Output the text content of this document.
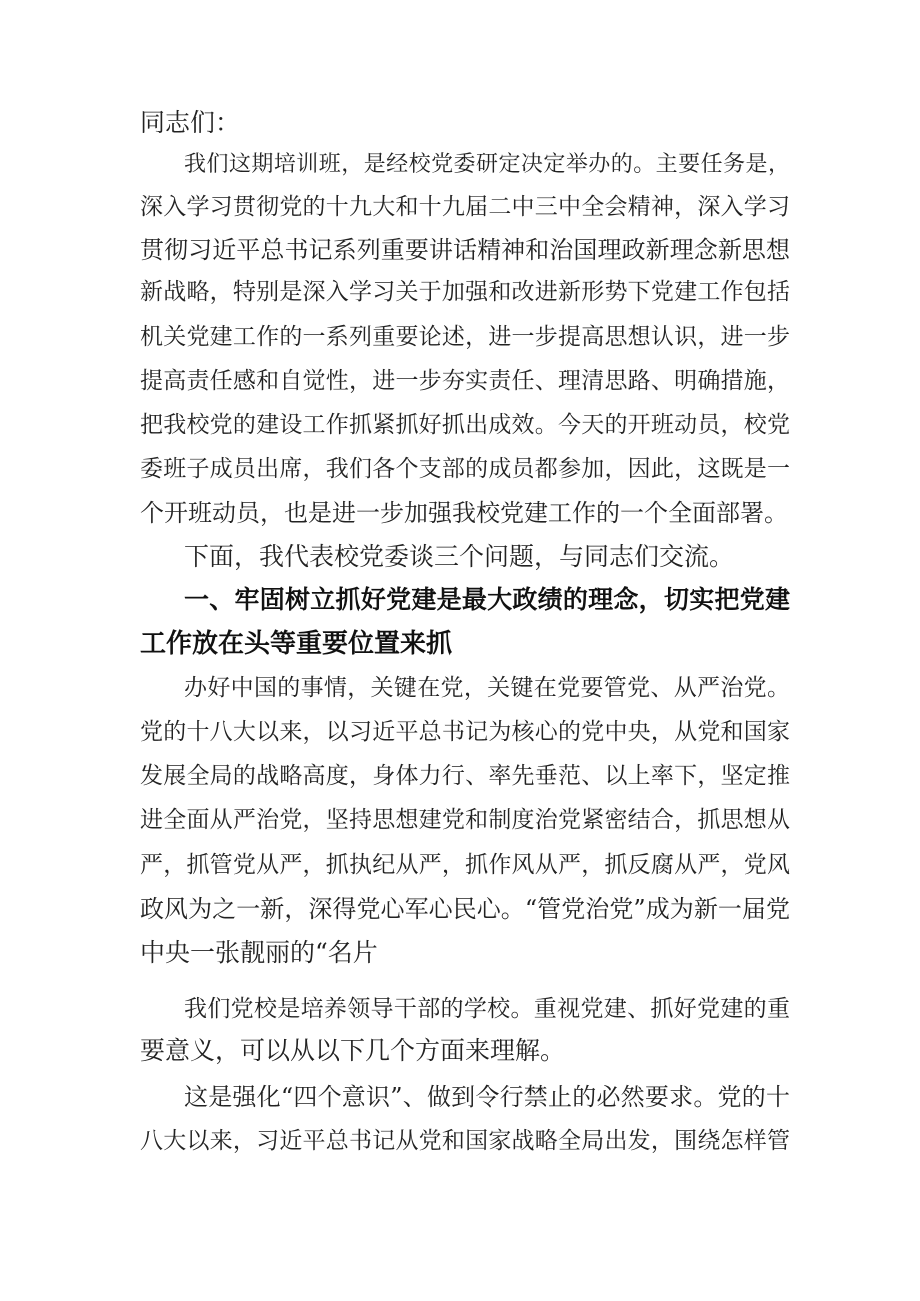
同志们：
我们这期培训班，是经校党委研定决定举办的。主要任务是，
深入学习贯彻党的十九大和十九届二中三中全会精神，深入学习
贯彻习近平总书记系列重要讲话精神和治国理政新理念新思想
新战略，特别是深入学习关于加强和改进新形势下党建工作包括
机关党建工作的一系列重要论述，进一步提高思想认识，进一步
提高责任感和自觉性，进一步夯实责任、理清思路、明确措施，
把我校党的建设工作抓紧抓好抓出成效。今天的开班动员，校党
委班子成员出席，我们各个支部的成员都参加，因此，这既是一
个开班动员，也是进一步加强我校党建工作的一个全面部署。
下面，我代表校党委谈三个问题，与同志们交流。
一、牢固树立抓好党建是最大政绩的理念，切实把党建
工作放在头等重要位置来抓
办好中国的事情，关键在党，关键在党要管党、从严治党。
党的十八大以来，以习近平总书记为核心的党中央，从党和国家
发展全局的战略高度，身体力行、率先垂范、以上率下，坚定推
进全面从严治党，坚持思想建党和制度治党紧密结合，抓思想从
严，抓管党从严，抓执纪从严，抓作风从严，抓反腐从严，党风
政风为之一新，深得党心军心民心。“管党治党”成为新一届党
中央一张靓丽的“名片
我们党校是培养领导干部的学校。重视党建、抓好党建的重
要意义，可以从以下几个方面来理解。
这是强化“四个意识”、做到令行禁止的必然要求。党的十
八大以来，习近平总书记从党和国家战略全局出发，围绕怎样管
